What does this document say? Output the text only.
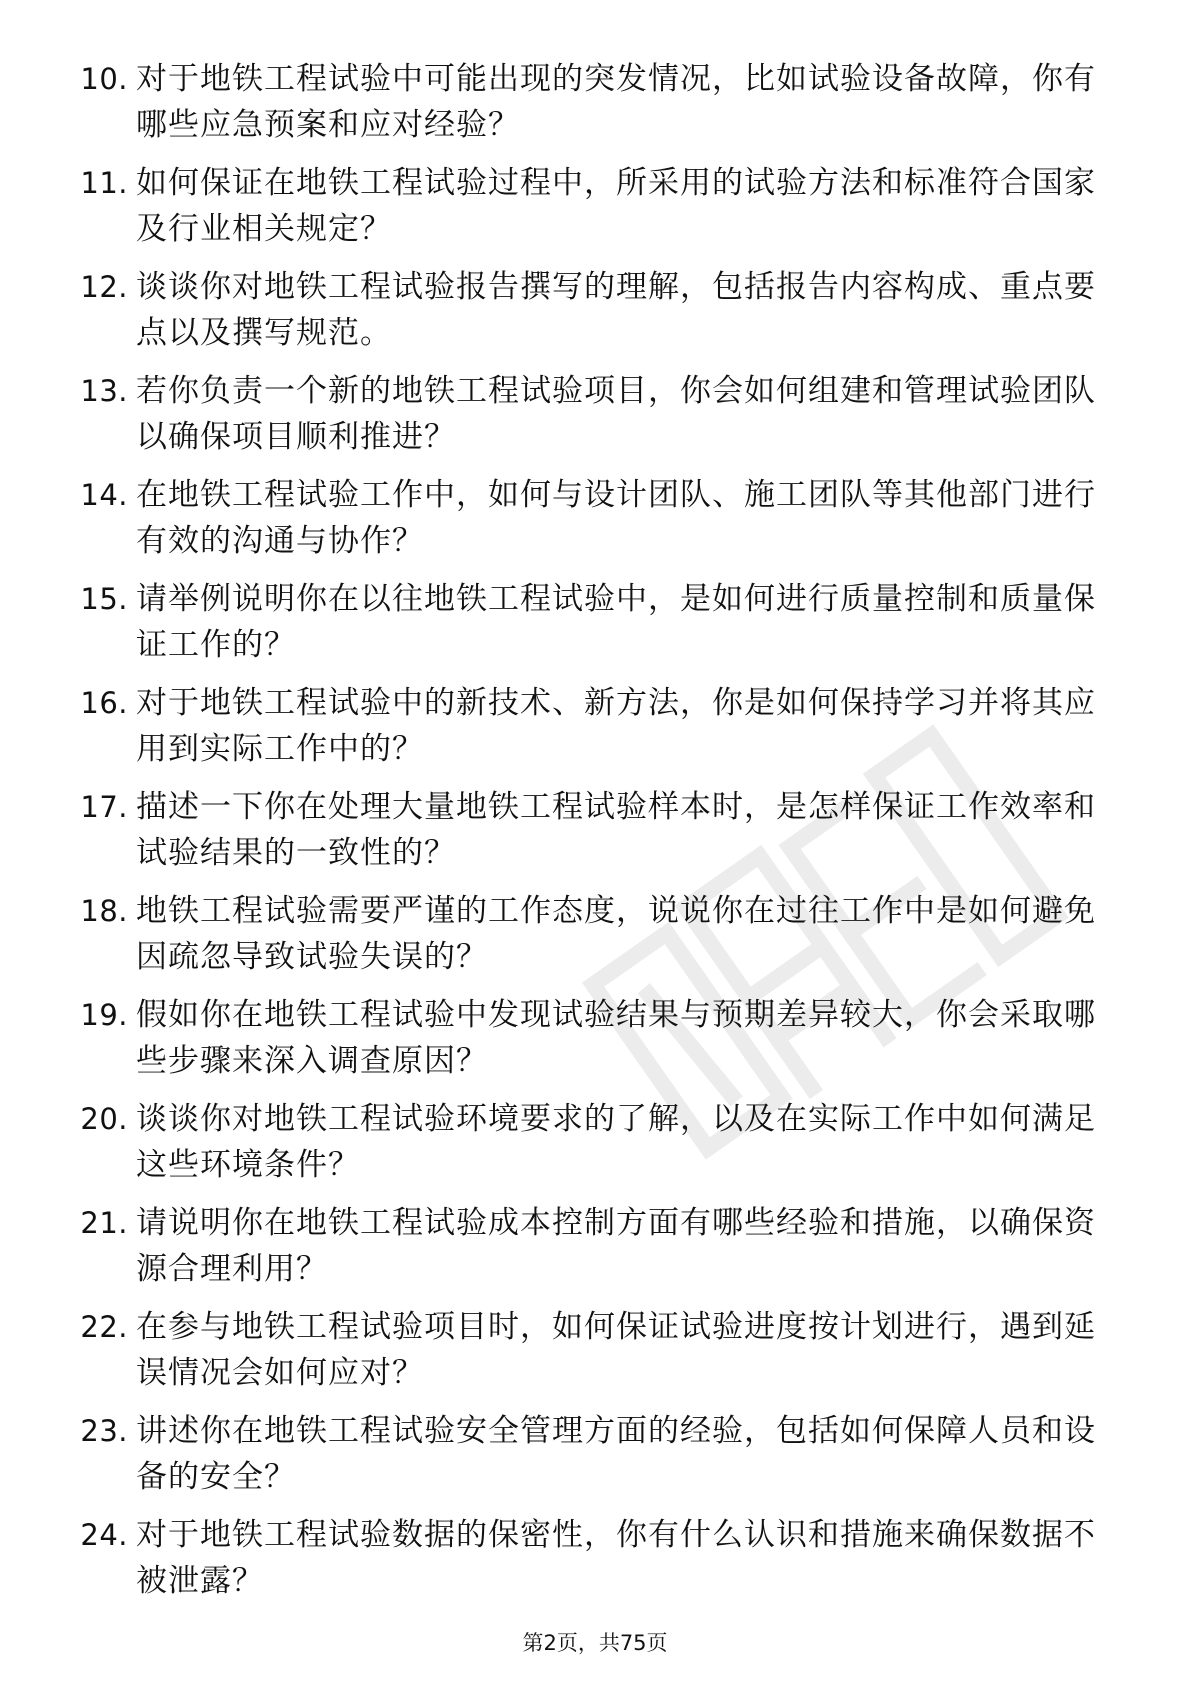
10. 对于地铁工程试验中可能出现的突发情况，比如试验设备故障，你有哪些应急预案和应对经验？
11. 如何保证在地铁工程试验过程中，所采用的试验方法和标准符合国家及行业相关规定？
12. 谈谈你对地铁工程试验报告撰写的理解，包括报告内容构成、重点要点以及撰写规范。
13. 若你负责一个新的地铁工程试验项目，你会如何组建和管理试验团队以确保项目顺利推进？
14. 在地铁工程试验工作中，如何与设计团队、施工团队等其他部门进行有效的沟通与协作？
15. 请举例说明你在以往地铁工程试验中，是如何进行质量控制和质量保证工作的？
16. 对于地铁工程试验中的新技术、新方法，你是如何保持学习并将其应用到实际工作中的？
17. 描述一下你在处理大量地铁工程试验样本时，是怎样保证工作效率和试验结果的一致性的？
18. 地铁工程试验需要严谨的工作态度，说说你在过往工作中是如何避免因疏忽导致试验失误的？
19. 假如你在地铁工程试验中发现试验结果与预期差异较大，你会采取哪些步骤来深入调查原因？
20. 谈谈你对地铁工程试验环境要求的了解，以及在实际工作中如何满足这些环境条件？
21. 请说明你在地铁工程试验成本控制方面有哪些经验和措施，以确保资源合理利用？
22. 在参与地铁工程试验项目时，如何保证试验进度按计划进行，遇到延误情况会如何应对？
23. 讲述你在地铁工程试验安全管理方面的经验，包括如何保障人员和设备的安全？
24. 对于地铁工程试验数据的保密性，你有什么认识和措施来确保数据不被泄露？
第2页，共75页
